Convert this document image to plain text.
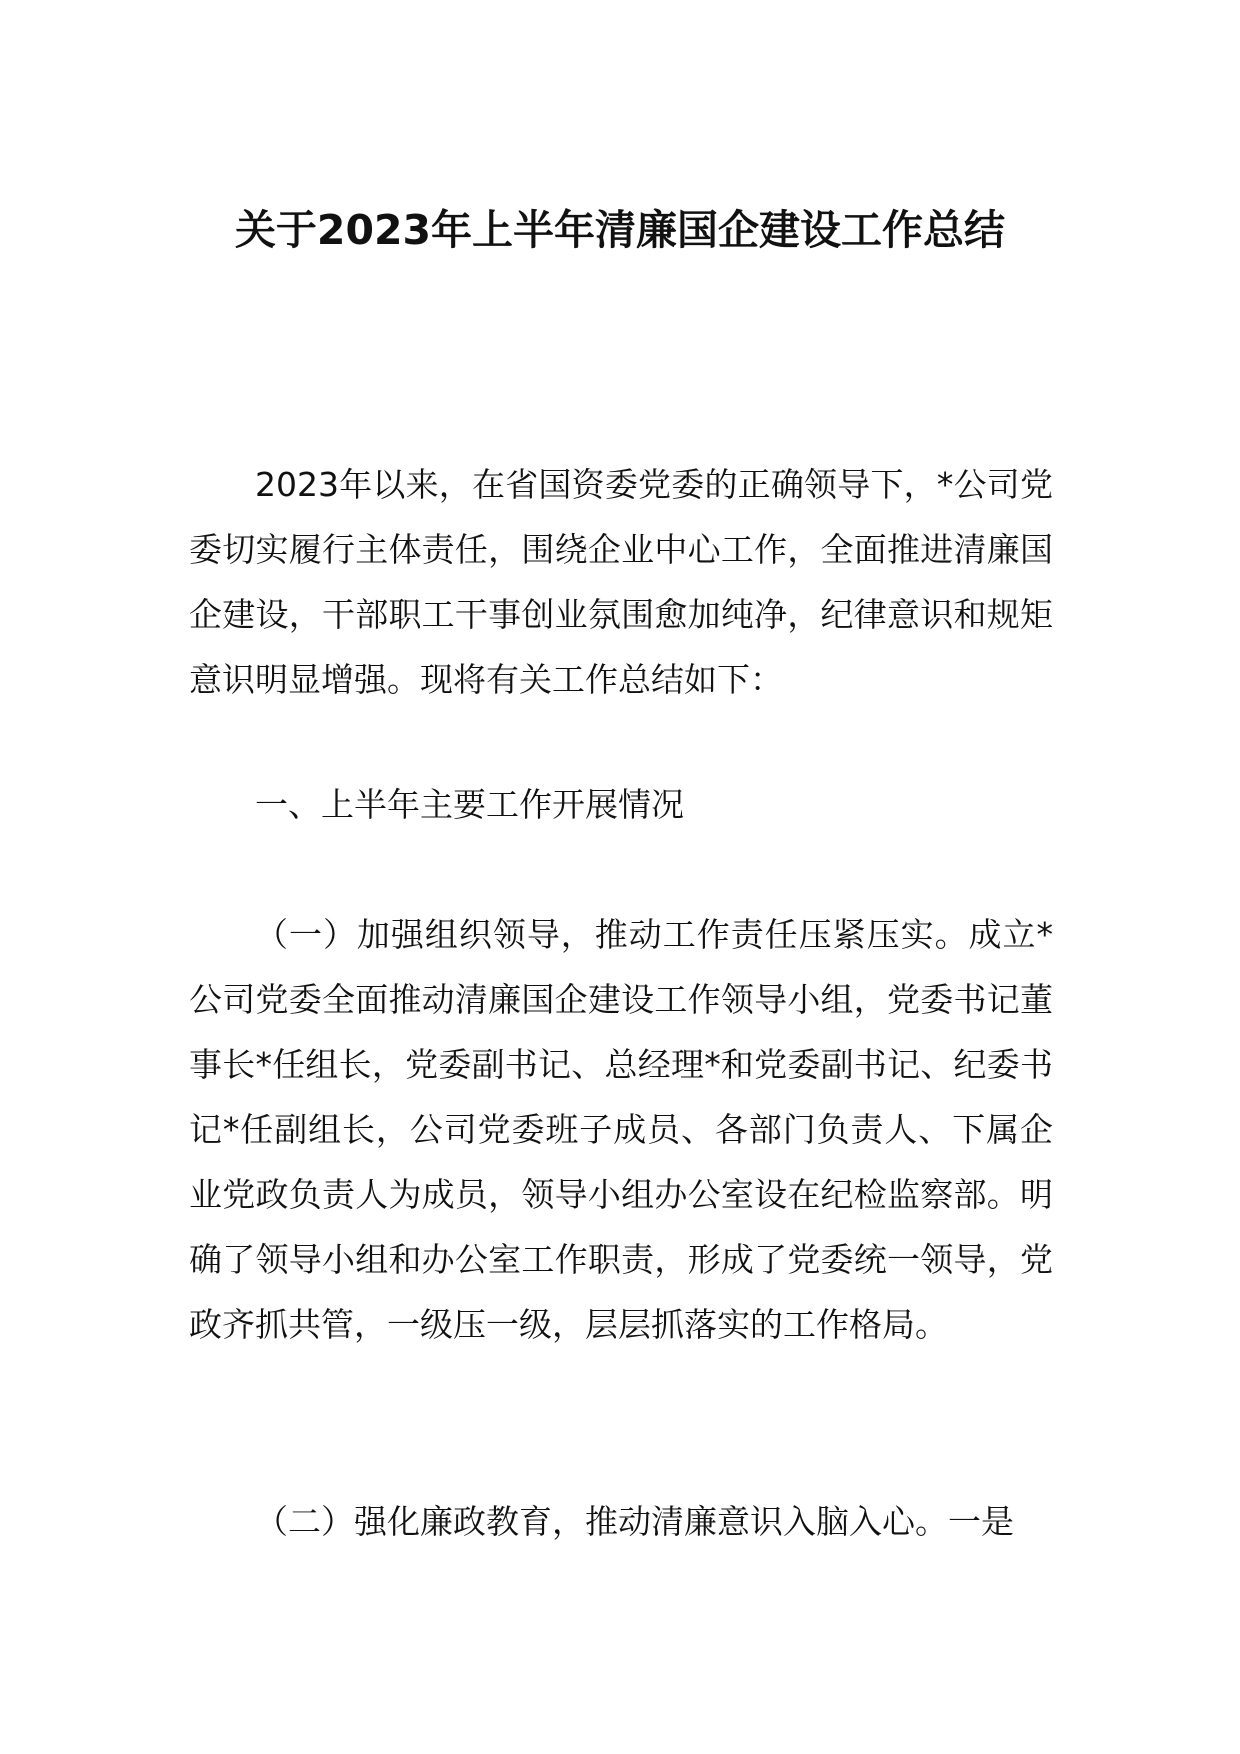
关于2023年上半年清廉国企建设工作总结

2023年以来，在省国资委党委的正确领导下，*公司党委切实履行主体责任，围绕企业中心工作，全面推进清廉国企建设，干部职工干事创业氛围愈加纯净，纪律意识和规矩意识明显增强。现将有关工作总结如下：

一、上半年主要工作开展情况

（一）加强组织领导，推动工作责任压紧压实。成立*公司党委全面推动清廉国企建设工作领导小组，党委书记董事长*任组长，党委副书记、总经理*和党委副书记、纪委书记*任副组长，公司党委班子成员、各部门负责人、下属企业党政负责人为成员，领导小组办公室设在纪检监察部。明确了领导小组和办公室工作职责，形成了党委统一领导，党政齐抓共管，一级压一级，层层抓落实的工作格局。

（二）强化廉政教育，推动清廉意识入脑入心。一是
